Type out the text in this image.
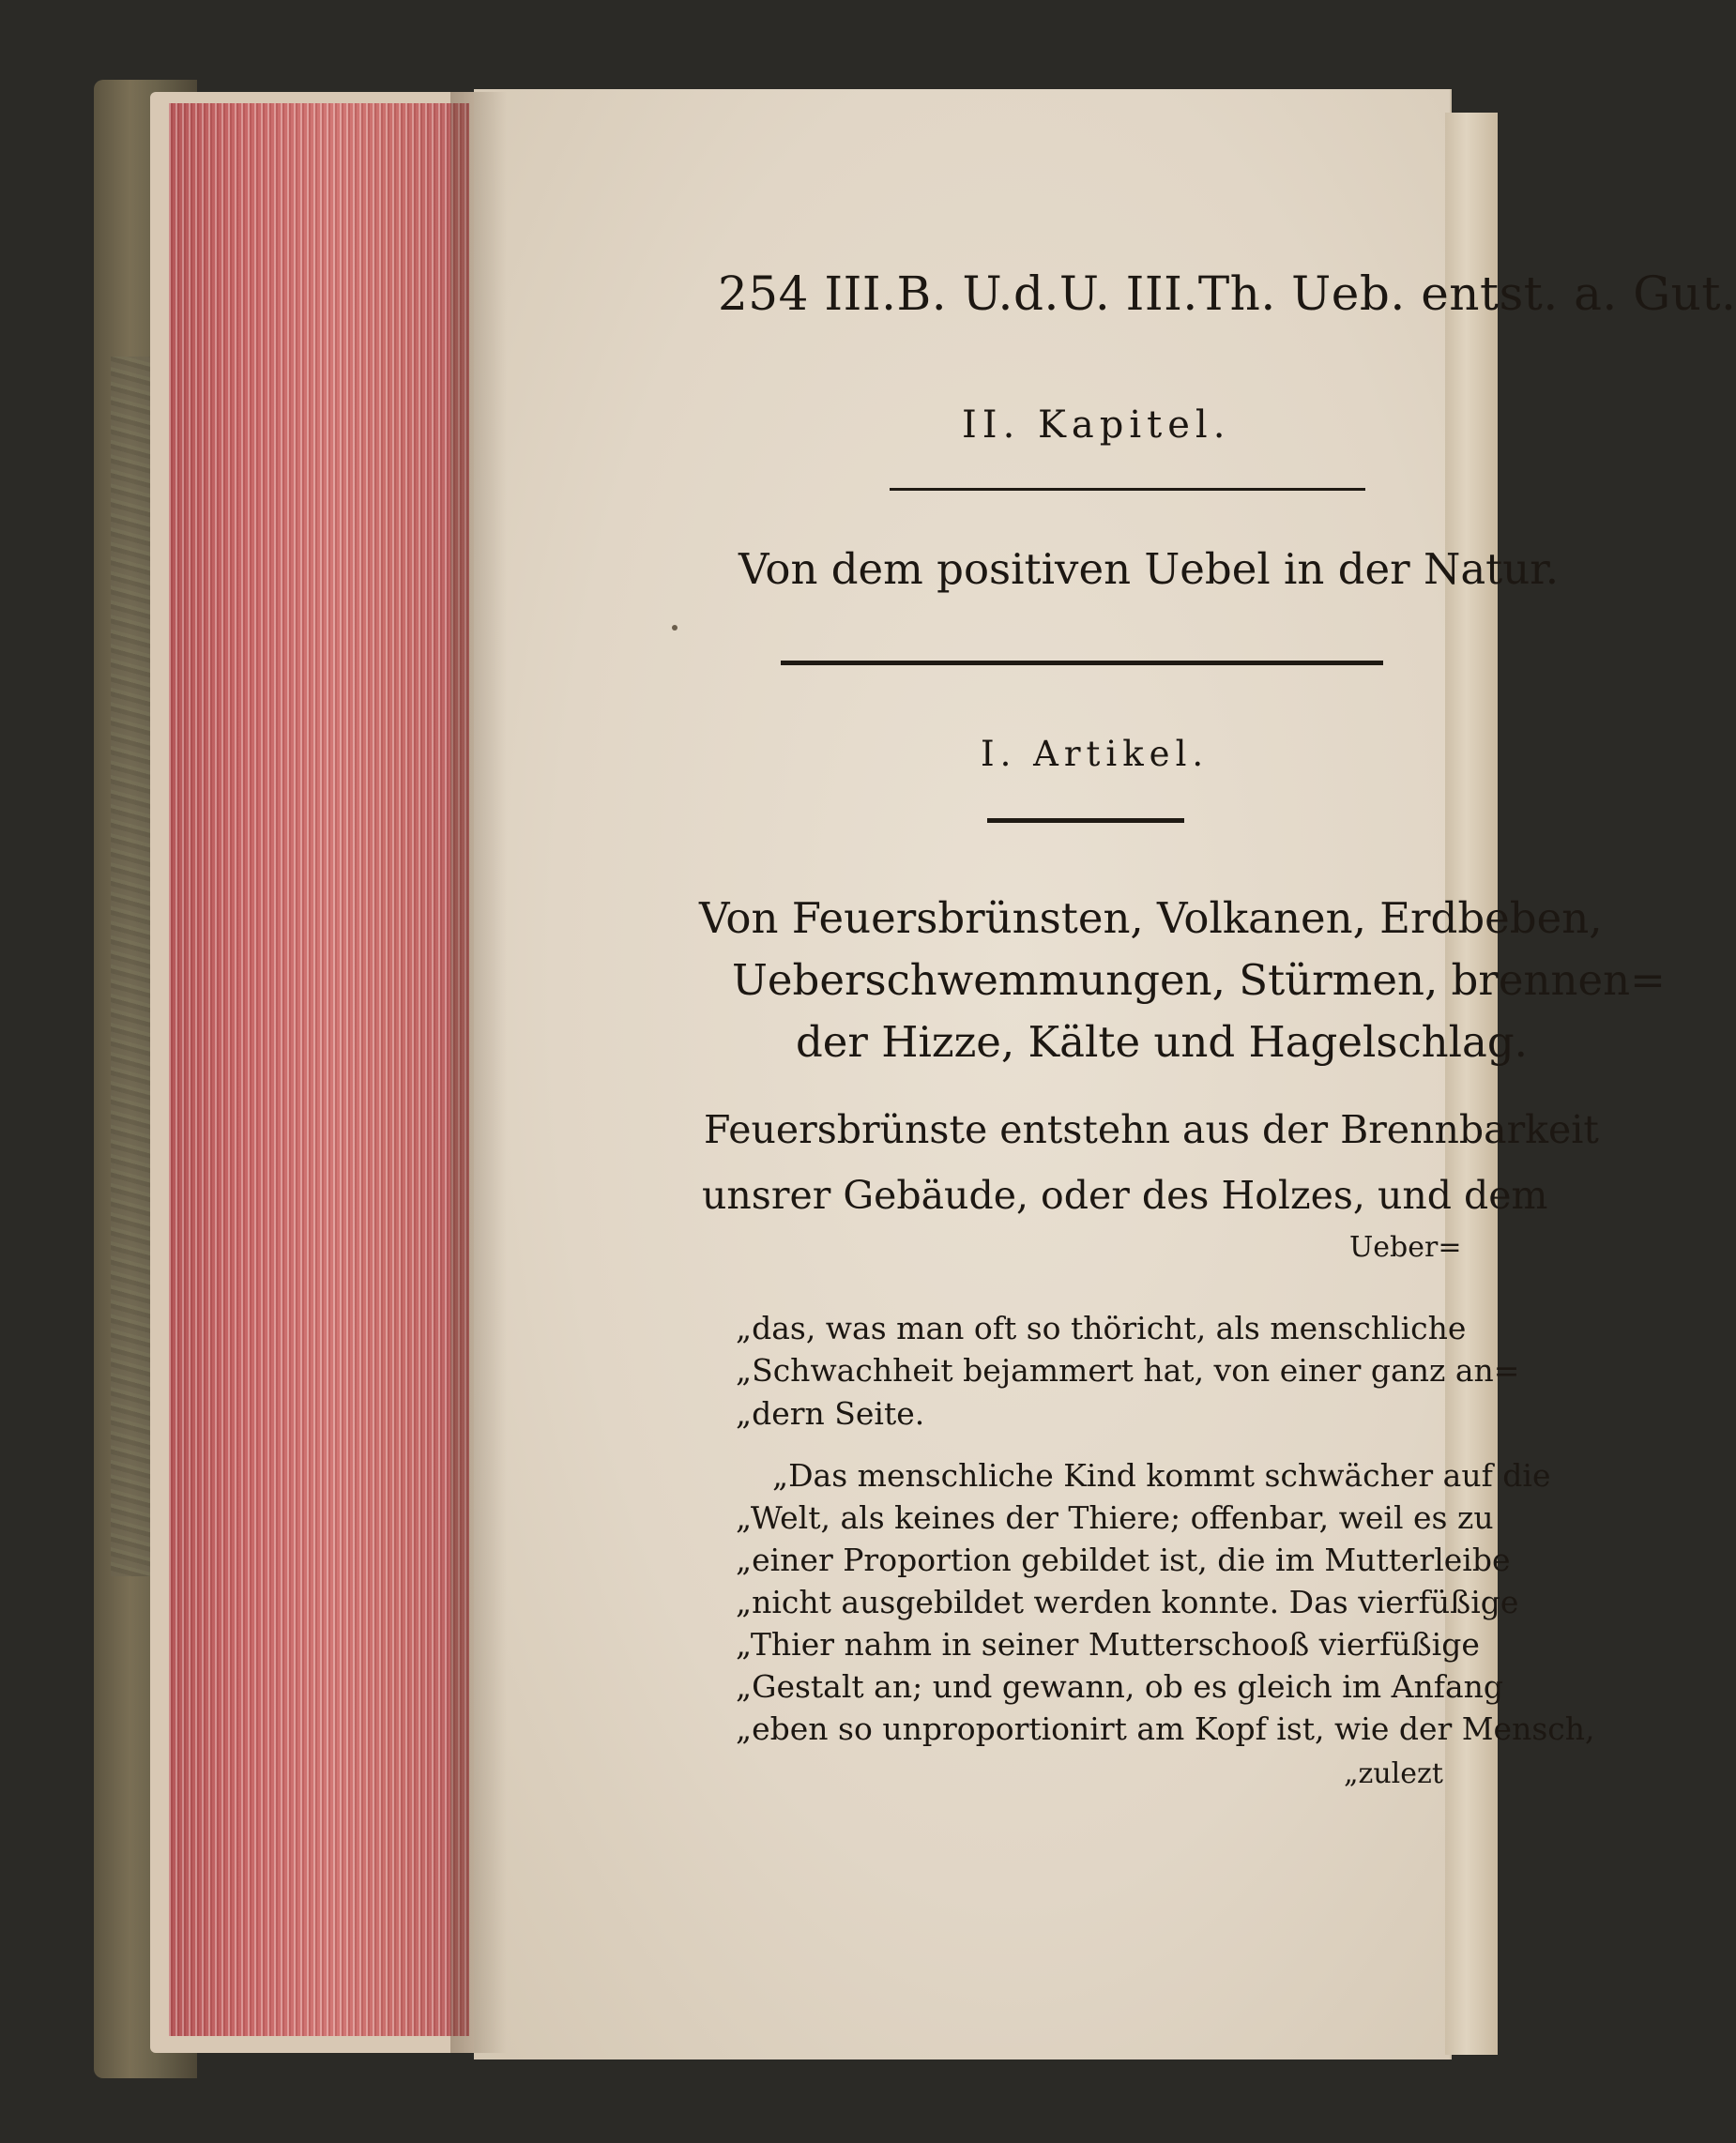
254 III.B. U.d.U. III.Th. Ueb. entst. a. Gut.
II. Kapitel.
Von dem positiven Uebel in der Natur.
I. Artikel.
Von Feuersbrünsten, Volkanen, Erdbeben,
Ueberschwemmungen, Stürmen, brennen=
der Hizze, Kälte und Hagelschlag.
Feuersbrünste entstehn aus der Brennbarkeit
unsrer Gebäude, oder des Holzes, und dem
Ueber=
„das, was man oft so thöricht, als menschliche
„Schwachheit bejammert hat, von einer ganz an=
„dern Seite.
„Das menschliche Kind kommt schwächer auf die
„Welt, als keines der Thiere; offenbar, weil es zu
„einer Proportion gebildet ist, die im Mutterleibe
„nicht ausgebildet werden konnte. Das vierfüßige
„Thier nahm in seiner Mutterschooß vierfüßige
„Gestalt an; und gewann, ob es gleich im Anfang
„eben so unproportionirt am Kopf ist, wie der Mensch,
„zulezt
